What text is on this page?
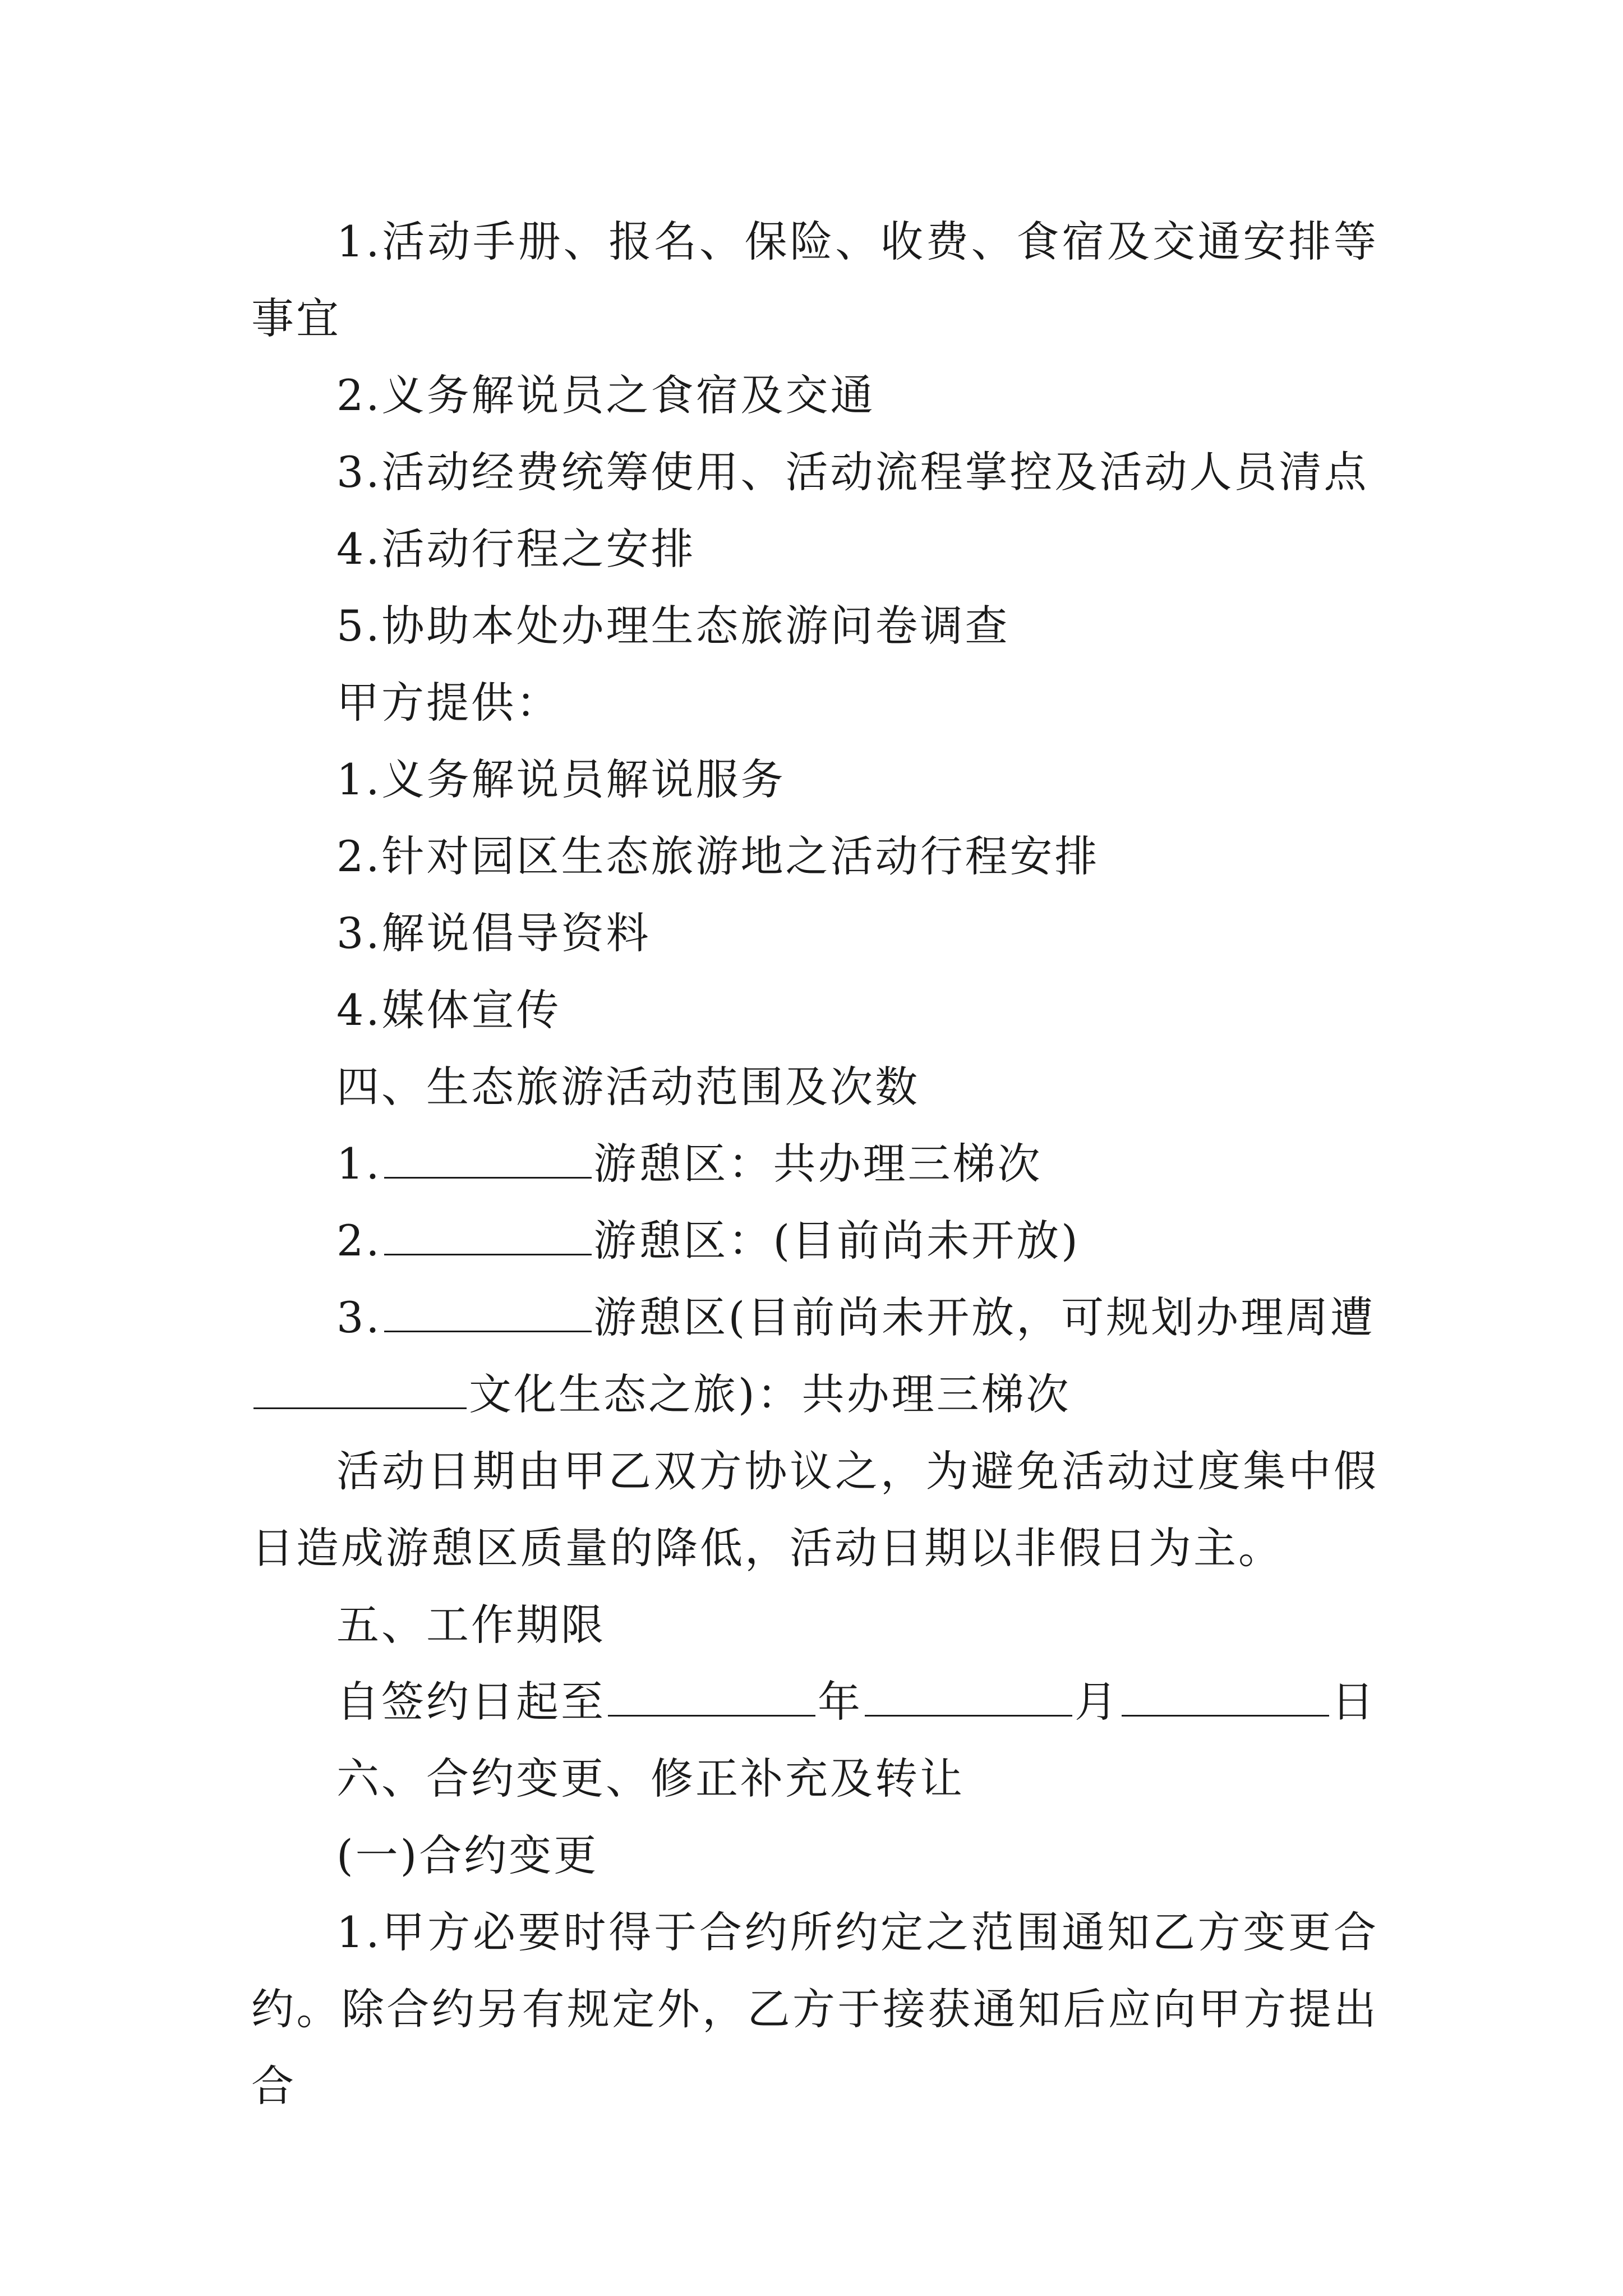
1.活动手册、报名、保险、收费、食宿及交通安排等事宜

2.义务解说员之食宿及交通

3.活动经费统筹使用、活动流程掌控及活动人员清点

4.活动行程之安排

5.协助本处办理生态旅游问卷调查

甲方提供：

1.义务解说员解说服务

2.针对园区生态旅游地之活动行程安排

3.解说倡导资料

4.媒体宣传

四、生态旅游活动范围及次数

1.	游憩区：共办理三梯次

2.	游憩区：(目前尚未开放)

3.	游憩区(目前尚未开放，可规划办理周遭

文化生态之旅)：共办理三梯次

活动日期由甲乙双方协议之，为避免活动过度集中假日造成游憩区质量的降低，活动日期以非假日为主。

五、工作期限

自签约日起至	年	月	日

六、合约变更、修正补充及转让

(一)合约变更

1.甲方必要时得于合约所约定之范围通知乙方变更合约。除合约另有规定外，乙方于接获通知后应向甲方提出合
